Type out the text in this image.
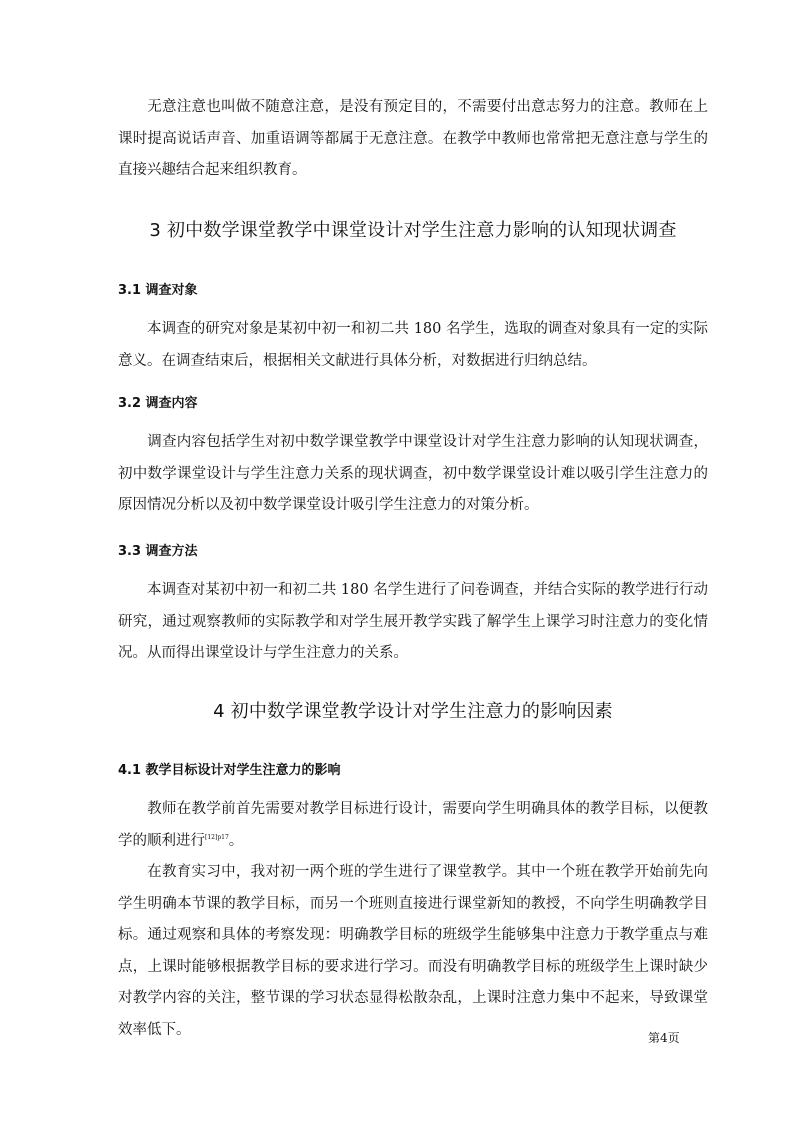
无意注意也叫做不随意注意，是没有预定目的，不需要付出意志努力的注意。教师在上课时提高说话声音、加重语调等都属于无意注意。在教学中教师也常常把无意注意与学生的直接兴趣结合起来组织教育。

3 初中数学课堂教学中课堂设计对学生注意力影响的认知现状调查
3.1 调查对象

本调查的研究对象是某初中初一和初二共 180 名学生，选取的调查对象具有一定的实际意义。在调查结束后，根据相关文献进行具体分析，对数据进行归纳总结。

3.2 调查内容

调查内容包括学生对初中数学课堂教学中课堂设计对学生注意力影响的认知现状调查，初中数学课堂设计与学生注意力关系的现状调查，初中数学课堂设计难以吸引学生注意力的原因情况分析以及初中数学课堂设计吸引学生注意力的对策分析。

3.3 调查方法

本调查对某初中初一和初二共 180 名学生进行了问卷调查，并结合实际的教学进行行动研究，通过观察教师的实际教学和对学生展开教学实践了解学生上课学习时注意力的变化情况。从而得出课堂设计与学生注意力的关系。

4 初中数学课堂教学设计对学生注意力的影响因素
4.1 教学目标设计对学生注意力的影响

教师在教学前首先需要对教学目标进行设计，需要向学生明确具体的教学目标，以便教学的顺利进行$^{[12]p17}$。

在教育实习中，我对初一两个班的学生进行了课堂教学。其中一个班在教学开始前先向学生明确本节课的教学目标，而另一个班则直接进行课堂新知的教授，不向学生明确教学目标。通过观察和具体的考察发现：明确教学目标的班级学生能够集中注意力于教学重点与难点，上课时能够根据教学目标的要求进行学习。而没有明确教学目标的班级学生上课时缺少对教学内容的关注，整节课的学习状态显得松散杂乱，上课时注意力集中不起来，导致课堂效率低下。

第4页
